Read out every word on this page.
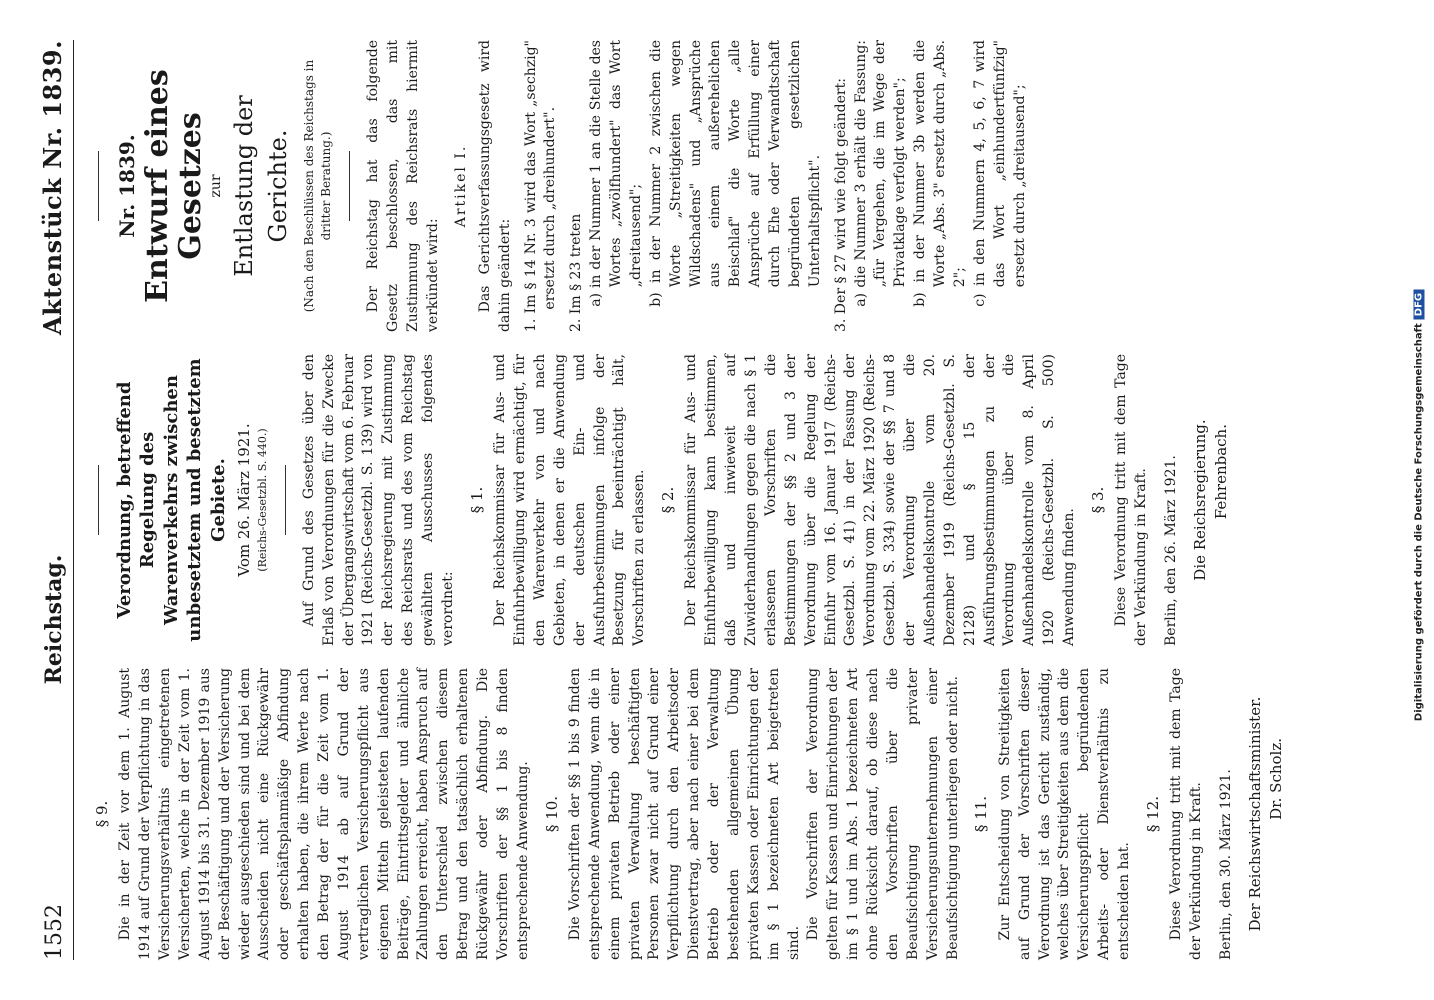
1552
Reichstag.
Aktenstück Nr. 1839.
§ 9. Die in der Zeit vor dem 1. August 1914 auf Grund der Verpflichtung in das Versicherungsverhältnis eingetretenen Versicherten, welche in der Zeit vom 1. August 1914 bis 31. Dezember 1919 aus der Beschäftigung und der Versicherung wieder ausgeschieden sind und bei dem Ausscheiden nicht eine Rückgewähr oder geschäftsplanmäßige Abfindung erhalten haben, die ihrem Werte nach den Betrag der für die Zeit vom 1. August 1914 ab auf Grund der vertraglichen Versicherungspflicht aus eigenen Mitteln geleisteten laufenden Beiträge, Eintrittsgelder und ähnliche Zahlungen erreicht, haben Anspruch auf den Unterschied zwischen diesem Betrag und den tatsächlich erhaltenen Rückgewähr oder Abfindung. Die Vorschriften der §§ 1 bis 8 finden entsprechende Anwendung. § 10. Die Vorschriften der §§ 1 bis 9 finden entsprechende Anwendung, wenn die in einem privaten Betrieb oder einer privaten Verwaltung beschäftigten Personen zwar nicht auf Grund einer Verpflichtung durch den Arbeitsoder Dienstvertrag, aber nach einer bei dem Betrieb oder der Verwaltung bestehenden allgemeinen Übung privaten Kassen oder Einrichtungen der im § 1 bezeichneten Art beigetreten sind.

Die Vorschriften der Verordnung gelten für Kassen und Einrichtungen der im § 1 und im Abs. 1 bezeichneten Art ohne Rücksicht darauf, ob diese nach den Vorschriften über die Beaufsichtigung privater Versicherungsunternehmungen einer Beaufsichtigung unterliegen oder nicht. § 11. Zur Entscheidung von Streitigkeiten auf Grund der Vorschriften dieser Verordnung ist das Gericht zuständig, welches über Streitigkeiten aus dem die Versicherungspflicht begründenden Arbeits- oder Dienstverhältnis zu entscheiden hat.

§ 12. Diese Verordnung tritt mit dem Tage der Verkündung in Kraft. Berlin, den 30. März 1921. Der Reichswirtschaftsminister. Dr. Scholz.
Verordnung, betreffend Regelung des Warenverkehrs zwischen unbesetztem und besetztem Gebiete. Vom 26. März 1921. (Reichs-Gesetzbl. S. 440.) Auf Grund des Gesetzes über den Erlaß von Verordnungen für die Zwecke der Übergangswirtschaft vom 6. Februar 1921 (Reichs-Gesetzbl. S. 139) wird von der Reichsregierung mit Zustimmung des Reichsrats und des vom Reichstag gewählten Ausschusses folgendes verordnet:

§ 1. Der Reichskommissar für Aus- und Einfuhrbewilligung wird ermächtigt, für den Warenverkehr von und nach Gebieten, in denen er die Anwendung der deutschen Ein- und Ausfuhrbestimmungen infolge der Besetzung für beeinträchtigt hält, Vorschriften zu erlassen. § 2. Der Reichskommissar für Aus- und Einfuhrbewilligung kann bestimmen, daß und inwieweit auf Zuwiderhandlungen gegen die nach § 1 erlassenen Vorschriften die Bestimmungen der §§ 2 und 3 der Verordnung über die Regelung der Einfuhr vom 16. Januar 1917 (Reichs-Gesetzbl. S. 41) in der Fassung der Verordnung vom 22. März 1920 (Reichs-Gesetzbl. S. 334) sowie der §§ 7 und 8 der Verordnung über die Außenhandelskontrolle vom 20. Dezember 1919 (Reichs-Gesetzbl. S. 2128) und § 15 der Ausführungsbestimmungen zu der Verordnung über die Außenhandelskontrolle vom 8. April 1920 (Reichs-Gesetzbl. S. 500) Anwendung finden.

§ 3. Diese Verordnung tritt mit dem Tage der Verkündung in Kraft. Berlin, den 26. März 1921. Die Reichsregierung. Fehrenbach.
Nr. 1839. Entwurf eines Gesetzes zur Entlastung der Gerichte. (Nach den Beschlüssen des Reichstags in dritter Beratung.) Der Reichstag hat das folgende Gesetz beschlossen, das mit Zustimmung des Reichsrats hiermit verkündet wird:

Artikel I. Das Gerichtsverfassungsgesetz wird dahin geändert: 1. Im § 14 Nr. 3 wird das Wort „sechzig" ersetzt durch „dreihundert". 2. Im § 23 treten a) in der Nummer 1 an die Stelle des Wortes „zwölfhundert" das Wort „dreitausend"; b) in der Nummer 2 zwischen die Worte „Streitigkeiten wegen Wildschadens" und „Ansprüche aus einem außerehelichen Beischlaf" die Worte „alle Ansprüche auf Erfüllung einer durch Ehe oder Verwandtschaft begründeten gesetzlichen Unterhaltspflicht". 3. Der § 27 wird wie folgt geändert: a) die Nummer 3 erhält die Fassung: „für Vergehen, die im Wege der Privatklage verfolgt werden"; b) in der Nummer 3b werden die Worte „Abs. 3" ersetzt durch „Abs. 2"; c) in den Nummern 4, 5, 6, 7 wird das Wort „einhundertfünfzig" ersetzt durch „dreitausend";

Digitalisierung gefördert durch die Deutsche ForschungsgemeinschaftDFG
